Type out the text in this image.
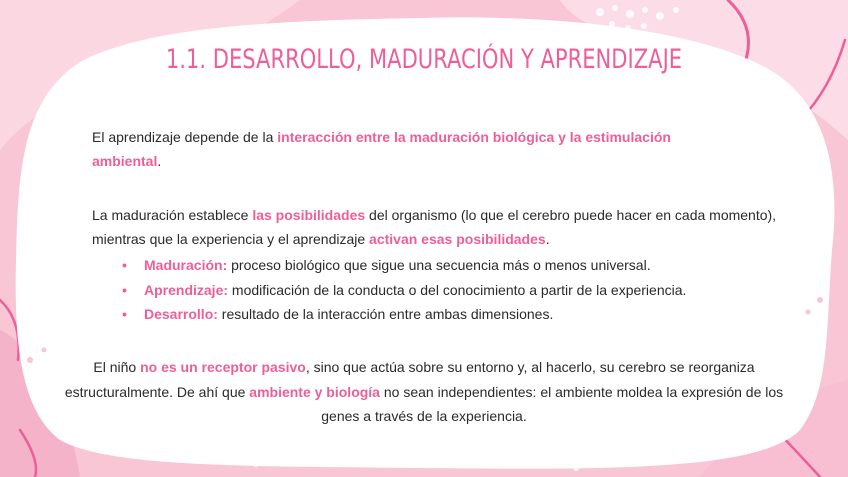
1.1. DESARROLLO, MADURACIÓN Y APRENDIZAJE
El aprendizaje depende de la interacción entre la maduración biológica y la estimulación ambiental.
La maduración establece las posibilidades del organismo (lo que el cerebro puede hacer en cada momento), mientras que la experiencia y el aprendizaje activan esas posibilidades.
• Maduración: proceso biológico que sigue una secuencia más o menos universal.
• Aprendizaje: modificación de la conducta o del conocimiento a partir de la experiencia.
• Desarrollo: resultado de la interacción entre ambas dimensiones.
El niño no es un receptor pasivo, sino que actúa sobre su entorno y, al hacerlo, su cerebro se reorganiza estructuralmente. De ahí que ambiente y biología no sean independientes: el ambiente moldea la expresión de los genes a través de la experiencia.
